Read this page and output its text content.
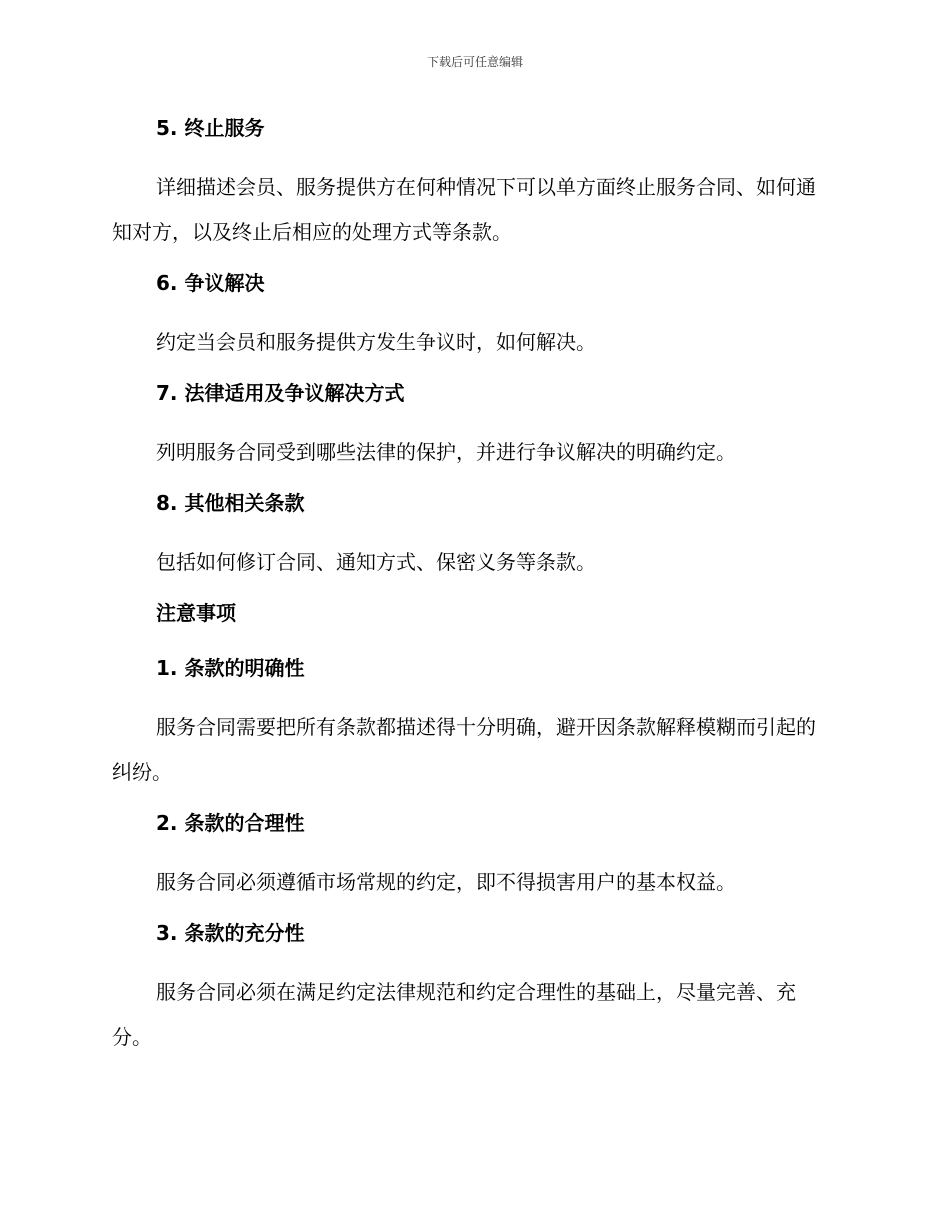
下载后可任意编辑
5. 终止服务

详细描述会员、服务提供方在何种情况下可以单方面终止服务合同、如何通知对方，以及终止后相应的处理方式等条款。

6. 争议解决

约定当会员和服务提供方发生争议时，如何解决。

7. 法律适用及争议解决方式

列明服务合同受到哪些法律的保护，并进行争议解决的明确约定。

8. 其他相关条款

包括如何修订合同、通知方式、保密义务等条款。

注意事项
1. 条款的明确性

服务合同需要把所有条款都描述得十分明确，避开因条款解释模糊而引起的纠纷。

2. 条款的合理性

服务合同必须遵循市场常规的约定，即不得损害用户的基本权益。

3. 条款的充分性

服务合同必须在满足约定法律规范和约定合理性的基础上，尽量完善、充分。
